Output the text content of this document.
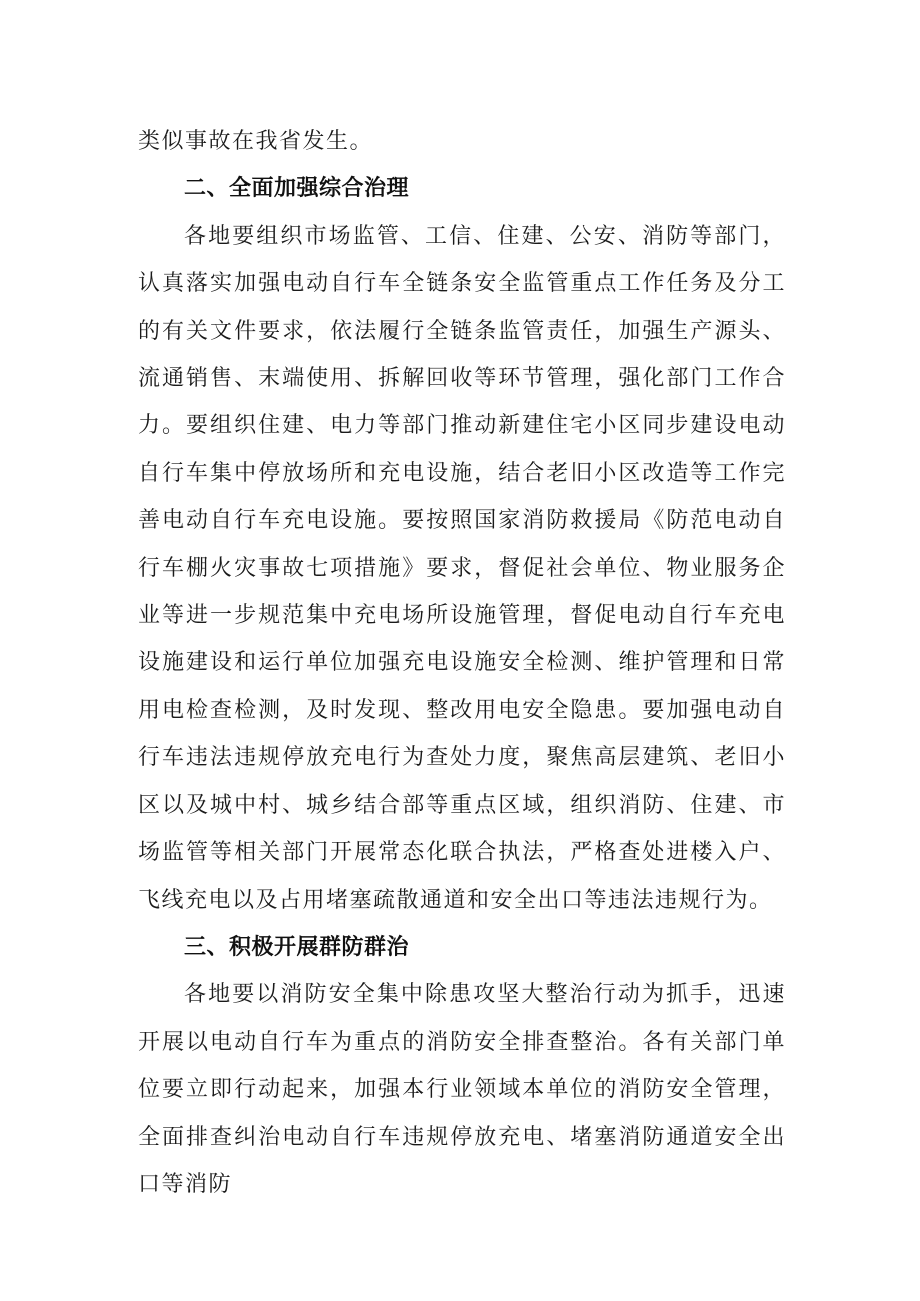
类似事故在我省发生。

二、全面加强综合治理

各地要组织市场监管、工信、住建、公安、消防等部门，认真落实加强电动自行车全链条安全监管重点工作任务及分工的有关文件要求，依法履行全链条监管责任，加强生产源头、流通销售、末端使用、拆解回收等环节管理，强化部门工作合力。要组织住建、电力等部门推动新建住宅小区同步建设电动自行车集中停放场所和充电设施，结合老旧小区改造等工作完善电动自行车充电设施。要按照国家消防救援局《防范电动自行车棚火灾事故七项措施》要求，督促社会单位、物业服务企业等进一步规范集中充电场所设施管理，督促电动自行车充电设施建设和运行单位加强充电设施安全检测、维护管理和日常用电检查检测，及时发现、整改用电安全隐患。要加强电动自行车违法违规停放充电行为查处力度，聚焦高层建筑、老旧小区以及城中村、城乡结合部等重点区域，组织消防、住建、市场监管等相关部门开展常态化联合执法，严格查处进楼入户、飞线充电以及占用堵塞疏散通道和安全出口等违法违规行为。

三、积极开展群防群治

各地要以消防安全集中除患攻坚大整治行动为抓手，迅速开展以电动自行车为重点的消防安全排查整治。各有关部门单位要立即行动起来，加强本行业领域本单位的消防安全管理，全面排查纠治电动自行车违规停放充电、堵塞消防通道安全出口等消防
